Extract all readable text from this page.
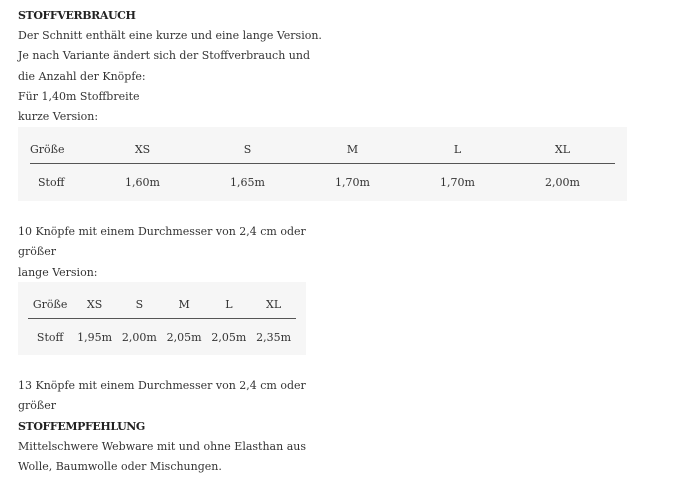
STOFFVERBRAUCH
Der Schnitt enthält eine kurze und eine lange Version.
Je nach Variante ändert sich der Stoffverbrauch und
die Anzahl der Knöpfe:
Für 1,40m Stoffbreite
kurze Version:
Größe	XS	S	M	L	XL
Stoff	1,60m	1,65m	1,70m	1,70m	2,00m
10 Knöpfe mit einem Durchmesser von 2,4 cm oder
größer
lange Version:
Größe	XS	S	M	L	XL
Stoff	1,95m	2,00m	2,05m	2,05m	2,35m
13 Knöpfe mit einem Durchmesser von 2,4 cm oder
größer
STOFFEMPFEHLUNG
Mittelschwere Webware mit und ohne Elasthan aus
Wolle, Baumwolle oder Mischungen.
